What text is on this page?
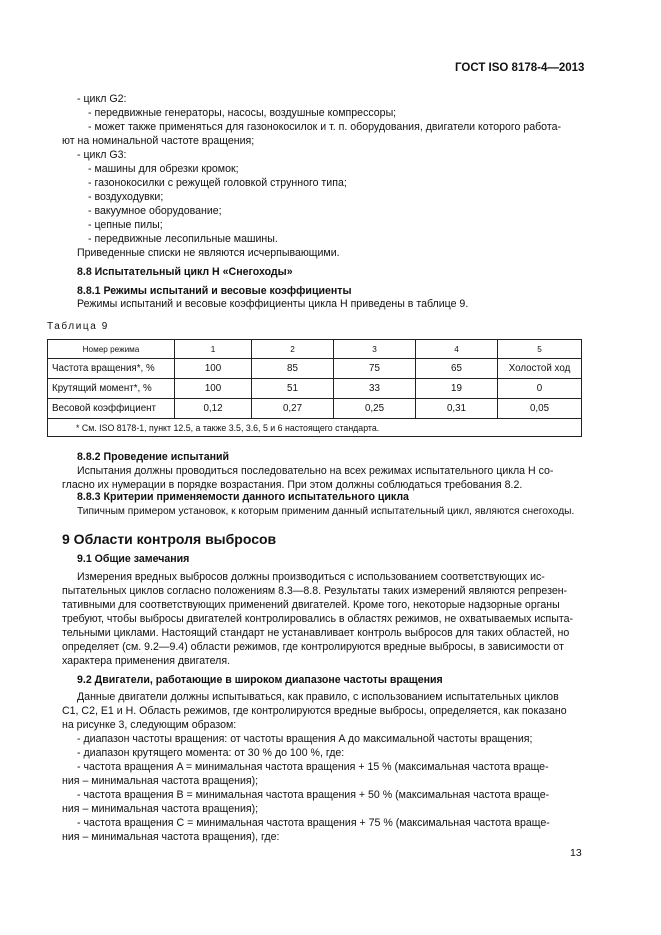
ГОСТ ISO 8178-4—2013
- цикл G2:
- передвижные генераторы, насосы, воздушные компрессоры;
- может также применяться для газонокосилок и т. п. оборудования, двигатели которого работа-
ют на номинальной частоте вращения;
- цикл G3:
- машины для обрезки кромок;
- газонокосилки с режущей головкой струнного типа;
- воздуходувки;
- вакуумное оборудование;
- цепные пилы;
- передвижные лесопильные машины.
Приведенные списки не являются исчерпывающими.
8.8 Испытательный цикл H «Снегоходы»
8.8.1 Режимы испытаний и весовые коэффициенты
Режимы испытаний и весовые коэффициенты цикла H приведены в таблице 9.
Таблица 9
Номер режима	1	2	3	4	5
Частота вращения*, %	100	85	75	65	Холостой ход
Крутящий момент*, %	100	51	33	19	0
Весовой коэффициент	0,12	0,27	0,25	0,31	0,05
* См. ISO 8178-1, пункт 12.5, а также 3.5, 3.6, 5 и 6 настоящего стандарта.					
8.8.2 Проведение испытаний
Испытания должны проводиться последовательно на всех режимах испытательного цикла H со-
гласно их нумерации в порядке возрастания. При этом должны соблюдаться требования 8.2.
8.8.3 Критерии применяемости данного испытательного цикла
Типичным примером установок, к которым применим данный испытательный цикл, являются снегоходы.
9 Области контроля выбросов
9.1 Общие замечания
Измерения вредных выбросов должны производиться с использованием соответствующих ис-
пытательных циклов согласно положениям 8.3—8.8. Результаты таких измерений являются репрезен-
тативными для соответствующих применений двигателей. Кроме того, некоторые надзорные органы
требуют, чтобы выбросы двигателей контролировались в областях режимов, не охватываемых испыта-
тельными циклами. Настоящий стандарт не устанавливает контроль выбросов для таких областей, но
определяет (см. 9.2—9.4) области режимов, где контролируются вредные выбросы, в зависимости от
характера применения двигателя.
9.2 Двигатели, работающие в широком диапазоне частоты вращения
Данные двигатели должны испытываться, как правило, с использованием испытательных циклов
C1, C2, E1 и H. Область режимов, где контролируются вредные выбросы, определяется, как показано
на рисунке 3, следующим образом:
- диапазон частоты вращения: от частоты вращения A до максимальной частоты вращения;
- диапазон крутящего момента: от 30 % до 100 %, где:
- частота вращения A = минимальная частота вращения + 15 % (максимальная частота враще-
ния – минимальная частота вращения);
- частота вращения B = минимальная частота вращения + 50 % (максимальная частота враще-
ния – минимальная частота вращения);
- частота вращения C = минимальная частота вращения + 75 % (максимальная частота враще-
ния – минимальная частота вращения), где:
13
